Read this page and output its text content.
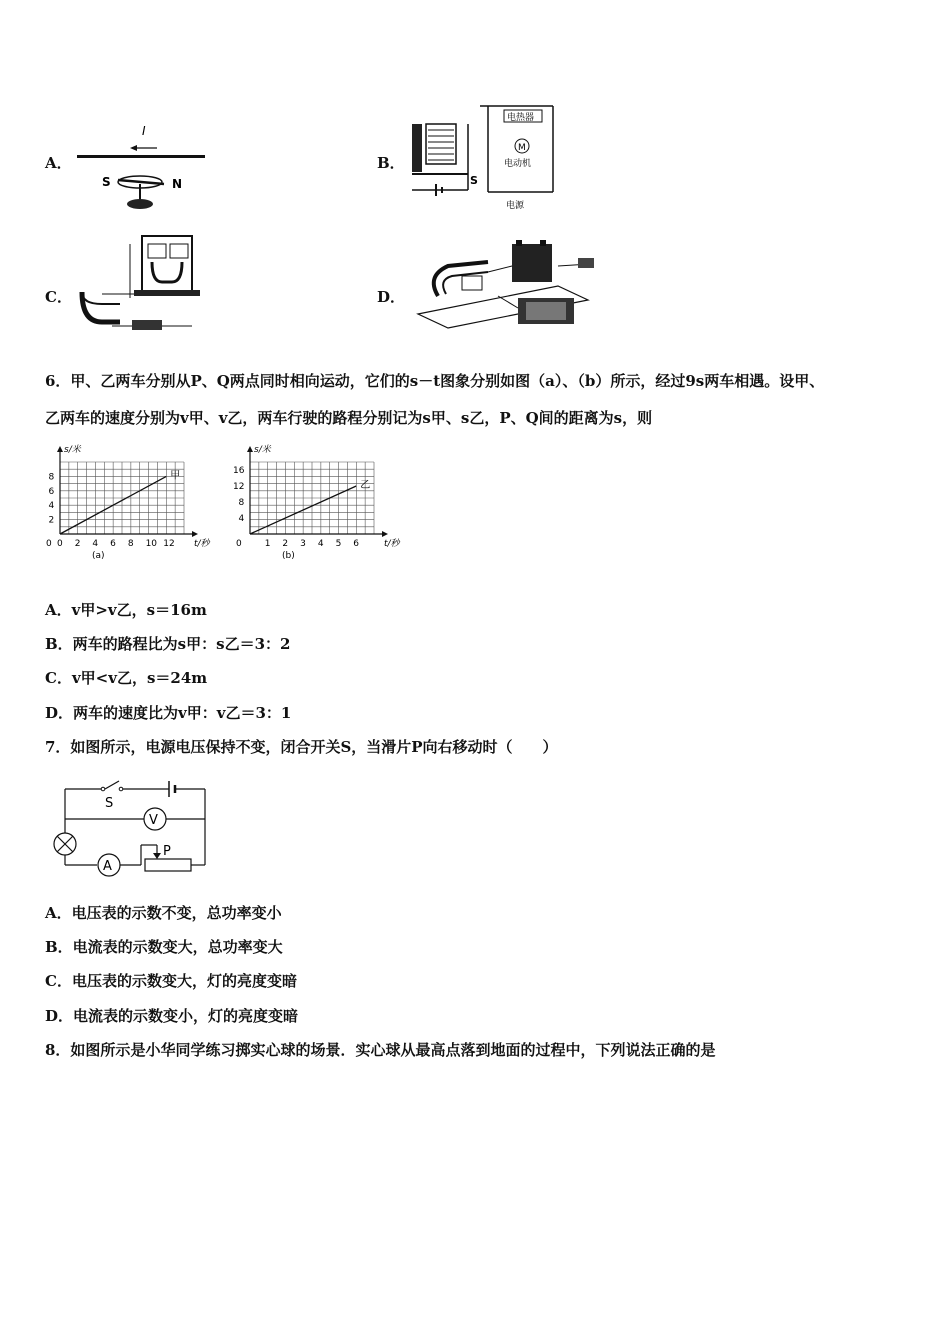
A．
I
S	N
B．
S
电热器
M
电动机
电源
C．	D．
6．甲、乙两车分别从P、Q两点同时相向运动，它们的s－t图象分别如图（a）、（b）所示，经过9s两车相遇。设甲、
乙两车的速度分别为v甲、v乙，两车行驶的路程分别记为s甲、s乙，P、Q间的距离为s，则
0 0 2 4 6 8 10 12
2
4
6
8	甲
s/米
t/秒
(a)
0	1 2 3 4 5 6
4
8
12
16
乙
s/米
t/秒
(b)
A．v甲>v乙，s＝16m
B．两车的路程比为s甲：s乙＝3：2
C．v甲<v乙，s＝24m
D．两车的速度比为v甲：v乙＝3：1
7．如图所示，电源电压保持不变，闭合开关S，当滑片P向右移动时（　　）
S
V
A
P
A．电压表的示数不变，总功率变小
B．电流表的示数变大，总功率变大
C．电压表的示数变大，灯的亮度变暗
D．电流表的示数变小，灯的亮度变暗
8．如图所示是小华同学练习掷实心球的场景．实心球从最高点落到地面的过程中，下列说法正确的是
